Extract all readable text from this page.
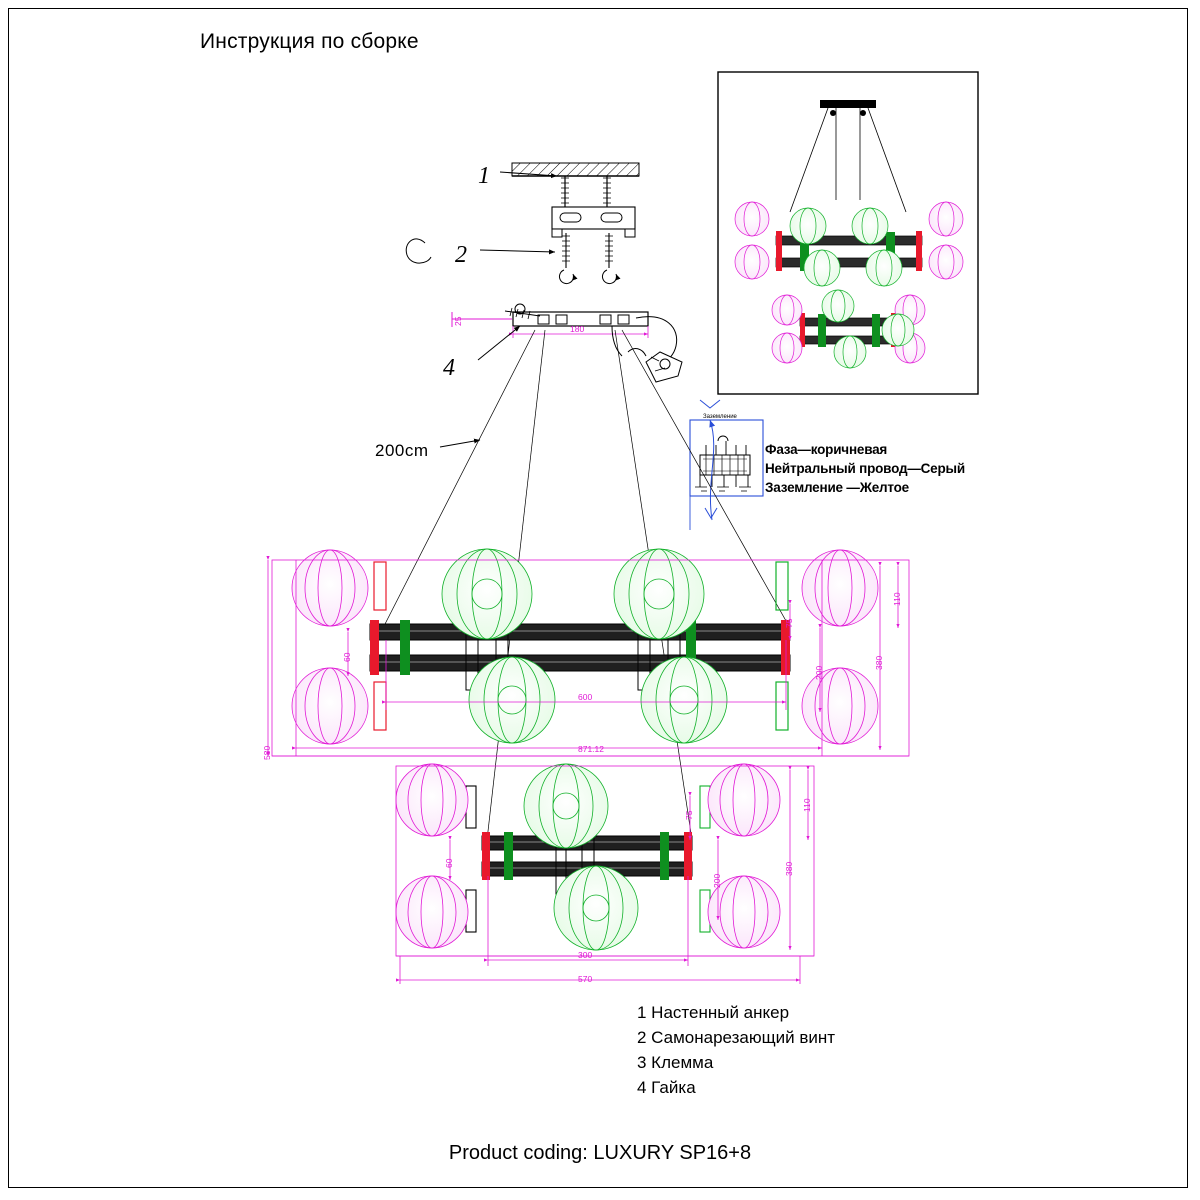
Инструкция по сборке
1
2
4
200cm	Фаза—коричневая
Нейтральный провод—Серый
Заземление —Желтое
1 Настенный анкер
2 Самонарезающий винт
3 Клемма
4 Гайка
Product coding: LUXURY SP16+8
25
180
Заземление
871.12
600
110
380
200
75
60
580
570
300
110
380
200
75
60
